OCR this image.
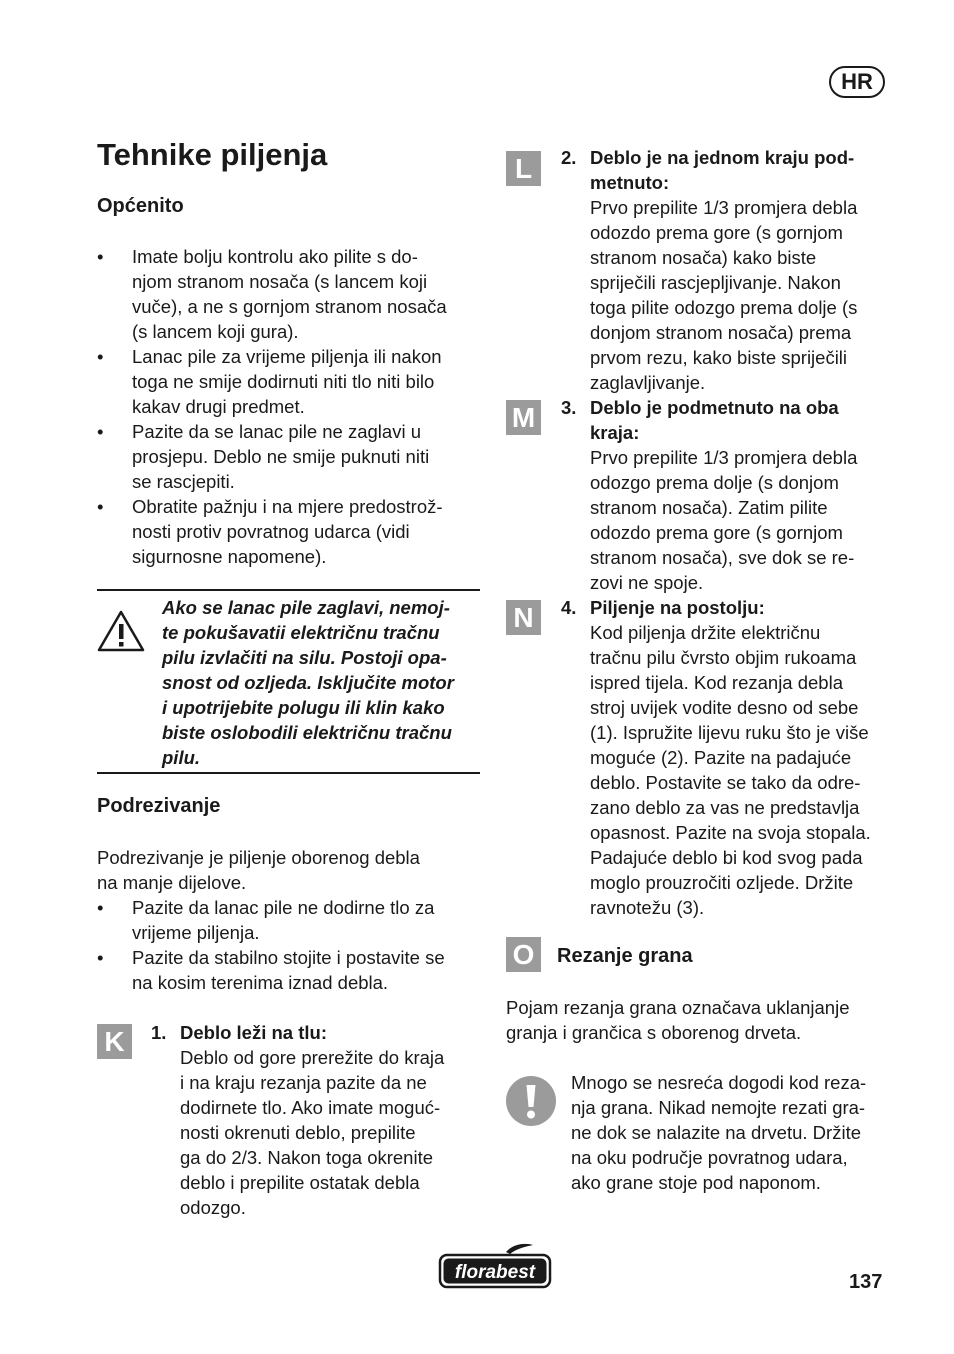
HR
Tehnike piljenja
Općenito
• Imate bolju kontrolu ako pilite s do-
njom stranom nosača (s lancem koji
vuče), a ne s gornjom stranom nosača
(s lancem koji gura).
• Lanac pile za vrijeme piljenja ili nakon
toga ne smije dodirnuti niti tlo niti bilo
kakav drugi predmet.
• Pazite da se lanac pile ne zaglavi u
prosjepu. Deblo ne smije puknuti niti
se rascjepiti.
• Obratite pažnju i na mjere predostrož-
nosti protiv povratnog udarca (vidi
sigurnosne napomene).
Ako se lanac pile zaglavi, nemoj-
te pokušavatii električnu tračnu
pilu izvlačiti na silu. Postoji opa-
snost od ozljeda. Isključite motor
i upotrijebite polugu ili klin kako
biste oslobodili električnu tračnu
pilu.
Podrezivanje
Podrezivanje je piljenje oborenog debla
na manje dijelove.
• Pazite da lanac pile ne dodirne tlo za
vrijeme piljenja.
• Pazite da stabilno stojite i postavite se
na kosim terenima iznad debla.
K	1. Deblo leži na tlu:
Deblo od gore prerežite do kraja
i na kraju rezanja pazite da ne
dodirnete tlo. Ako imate moguć-
nosti okrenuti deblo, prepilite
ga do 2/3. Nakon toga okrenite
deblo i prepilite ostatak debla
odozgo.
L	2. Deblo je na jednom kraju pod-
metnuto:
Prvo prepilite 1/3 promjera debla
odozdo prema gore (s gornjom
stranom nosača) kako biste
spriječili rascjepljivanje. Nakon
toga pilite odozgo prema dolje (s
donjom stranom nosača) prema
prvom rezu, kako biste spriječili
zaglavljivanje.
M	3. Deblo je podmetnuto na oba
kraja:
Prvo prepilite 1/3 promjera debla
odozgo prema dolje (s donjom
stranom nosača). Zatim pilite
odozdo prema gore (s gornjom
stranom nosača), sve dok se re-
zovi ne spoje.
N	4. Piljenje na postolju:
Kod piljenja držite električnu
tračnu pilu čvrsto objim rukoama
ispred tijela. Kod rezanja debla
stroj uvijek vodite desno od sebe
(1). Ispružite lijevu ruku što je više
moguće (2). Pazite na padajuće
deblo. Postavite se tako da odre-
zano deblo za vas ne predstavlja
opasnost. Pazite na svoja stopala.
Padajuće deblo bi kod svog pada
moglo prouzročiti ozljede. Držite
ravnotežu (3).
O	Rezanje grana
Pojam rezanja grana označava uklanjanje
granja i grančica s oborenog drveta.
Mnogo se nesreća dogodi kod reza-
nja grana. Nikad nemojte rezati gra-
ne dok se nalazite na drvetu. Držite
na oku područje povratnog udara,
ako grane stoje pod naponom.
florabest	137
